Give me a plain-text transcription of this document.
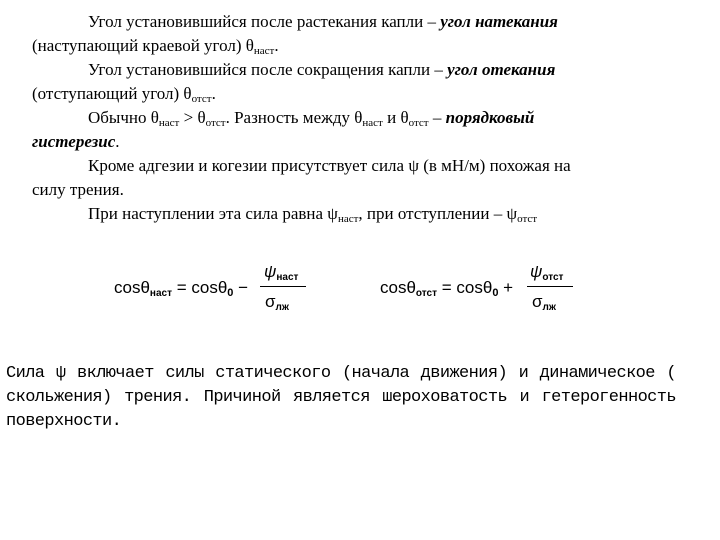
Угол установившийся после растекания капли – угол натекания
(наступающий краевой угол) $\theta_{наст}$.
Угол установившийся после сокращения капли – угол отекания
(отступающий угол) $\theta_{отст}$.
Обычно $\theta_{наст} > \theta_{отст}$. Разность между $\theta_{наст}$ и $\theta_{отст}$ – порядковый
гистерезис.
Кроме адгезии и когезии присутствует сила ψ (в мН/м) похожая на
силу трения.
При наступлении эта сила равна $\psi_{наст}$, при отступлении – $\psi_{отст}$
cosθнаст = cosθ0 −
ψнаст
σлж
cosθотст = cosθ0 +
ψотст
σлж
Сила ψ включает силы статического (начала движения) и динамическое ( скольжения) трения. Причиной является шероховатость и гетерогенность поверхности.
